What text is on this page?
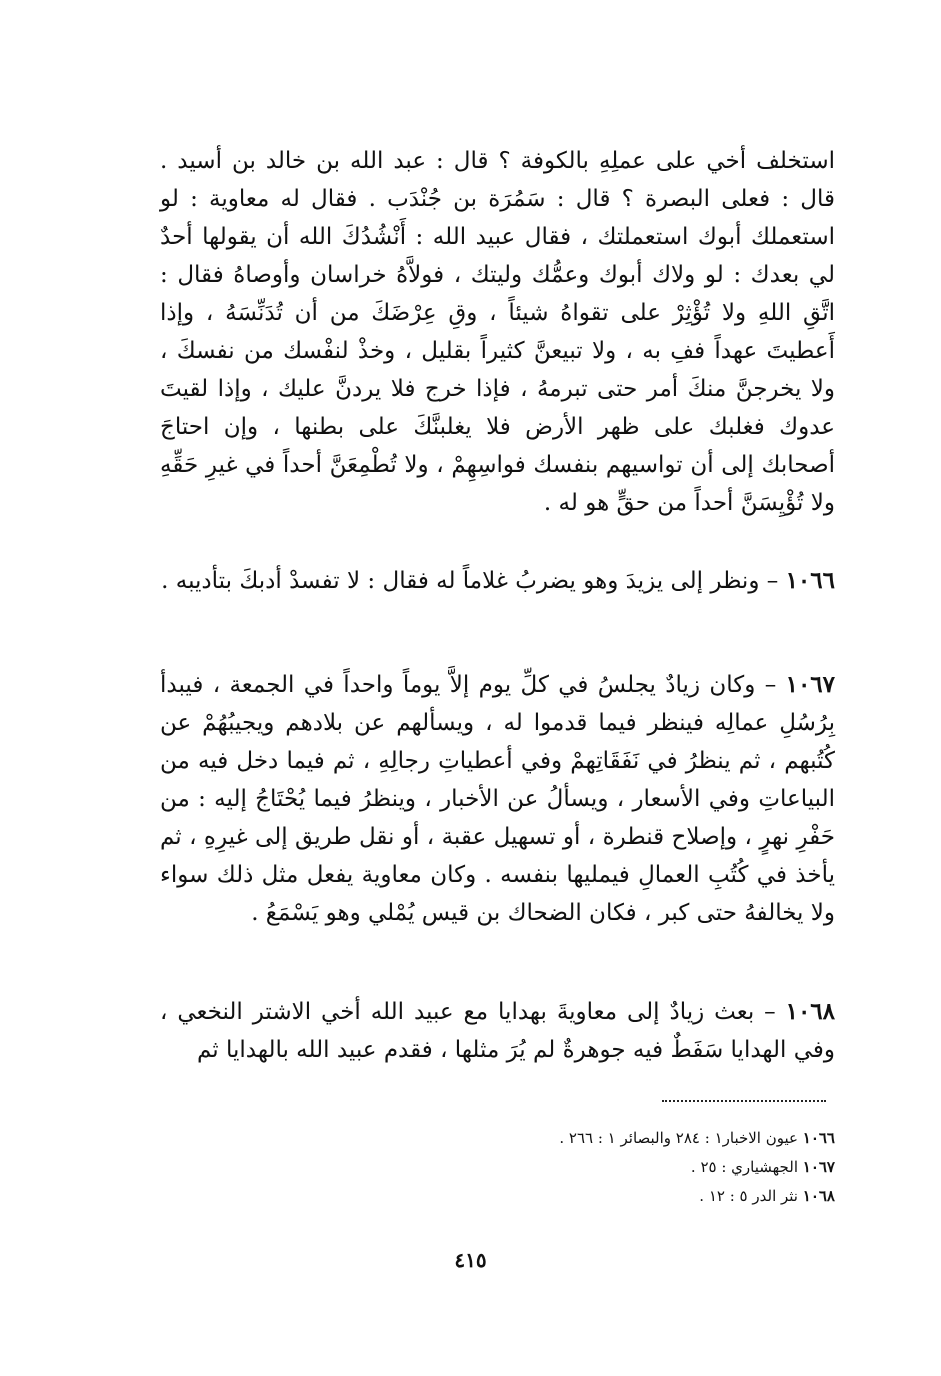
استخلف أخي على عملِهِ بالكوفة ؟ قال : عبد الله بن خالد بن أسيد . قال : فعلى البصرة ؟ قال : سَمُرَة بن جُنْدَب . فقال له معاوية : لو استعملك أبوك استعملتك ، فقال عبيد الله : أَنْشُدُكَ الله أن يقولها أحدٌ لي بعدك : لو ولاك أبوك وعمُّك وليتك ، فولاَّهُ خراسان وأوصاهُ فقال : اتَّقِ اللهِ ولا تُؤْثِرْ على تقواهُ شيئاً ، وقِ عِرْضَكَ من أن تُدَنِّسَهُ ، وإذا أَعطيتَ عهداً ففِ به ، ولا تبيعنَّ كثيراً بقليل ، وخذْ لنفْسك من نفسكَ ، ولا يخرجنَّ منكَ أمر حتى تبرمهُ ، فإذا خرج فلا يردنَّ عليك ، وإذا لقيتَ عدوك فغلبك على ظهر الأرض فلا يغلبنَّكَ على بطنها ، وإن احتاجَ أصحابك إلى أن تواسيهم بنفسك فواسِهِمْ ، ولا تُطْمِعَنَّ أحداً في غيرِ حَقِّهِ ولا تُؤْيِسَنَّ أحداً من حقٍّ هو له .

١٠٦٦ – ونظر إلى يزيدَ وهو يضربُ غلاماً له فقال : لا تفسدْ أدبكَ بتأديبه .

١٠٦٧ – وكان زيادٌ يجلسُ في كلِّ يوم إلاَّ يوماً واحداً في الجمعة ، فيبدأ بِرُسُلِ عمالِه فينظر فيما قدموا له ، ويسألهم عن بلادهم ويجيبُهُمْ عن كُتُبهم ، ثم ينظرُ في نَفَقَاتِهمْ وفي أعطياتِ رجالِهِ ، ثم فيما دخل فيه من البياعاتِ وفي الأسعار ، ويسألُ عن الأخبار ، وينظرُ فيما يُحْتَاجُ إليه : من حَفْرِ نهرٍ ، وإصلاح قنطرة ، أو تسهيل عقبة ، أو نقل طريق إلى غيرِهِ ، ثم يأخذ في كُتُبِ العمالِ فيمليها بنفسه . وكان معاوية يفعل مثل ذلك سواء ولا يخالفهُ حتى كبر ، فكان الضحاك بن قيس يُمْلي وهو يَسْمَعُ .

١٠٦٨ – بعث زيادٌ إلى معاويةَ بهدايا مع عبيد الله أخي الاشتر النخعي ، وفي الهدايا سَفَطٌ فيه جوهرةٌ لم يُرَ مثلها ، فقدم عبيد الله بالهدايا ثم

١٠٦٦ عيون الاخبار١ : ٢٨٤ والبصائر ١ : ٢٦٦ .
١٠٦٧ الجهشياري : ٢٥ .
١٠٦٨ نثر الدر ٥ : ١٢ .
٤١٥
